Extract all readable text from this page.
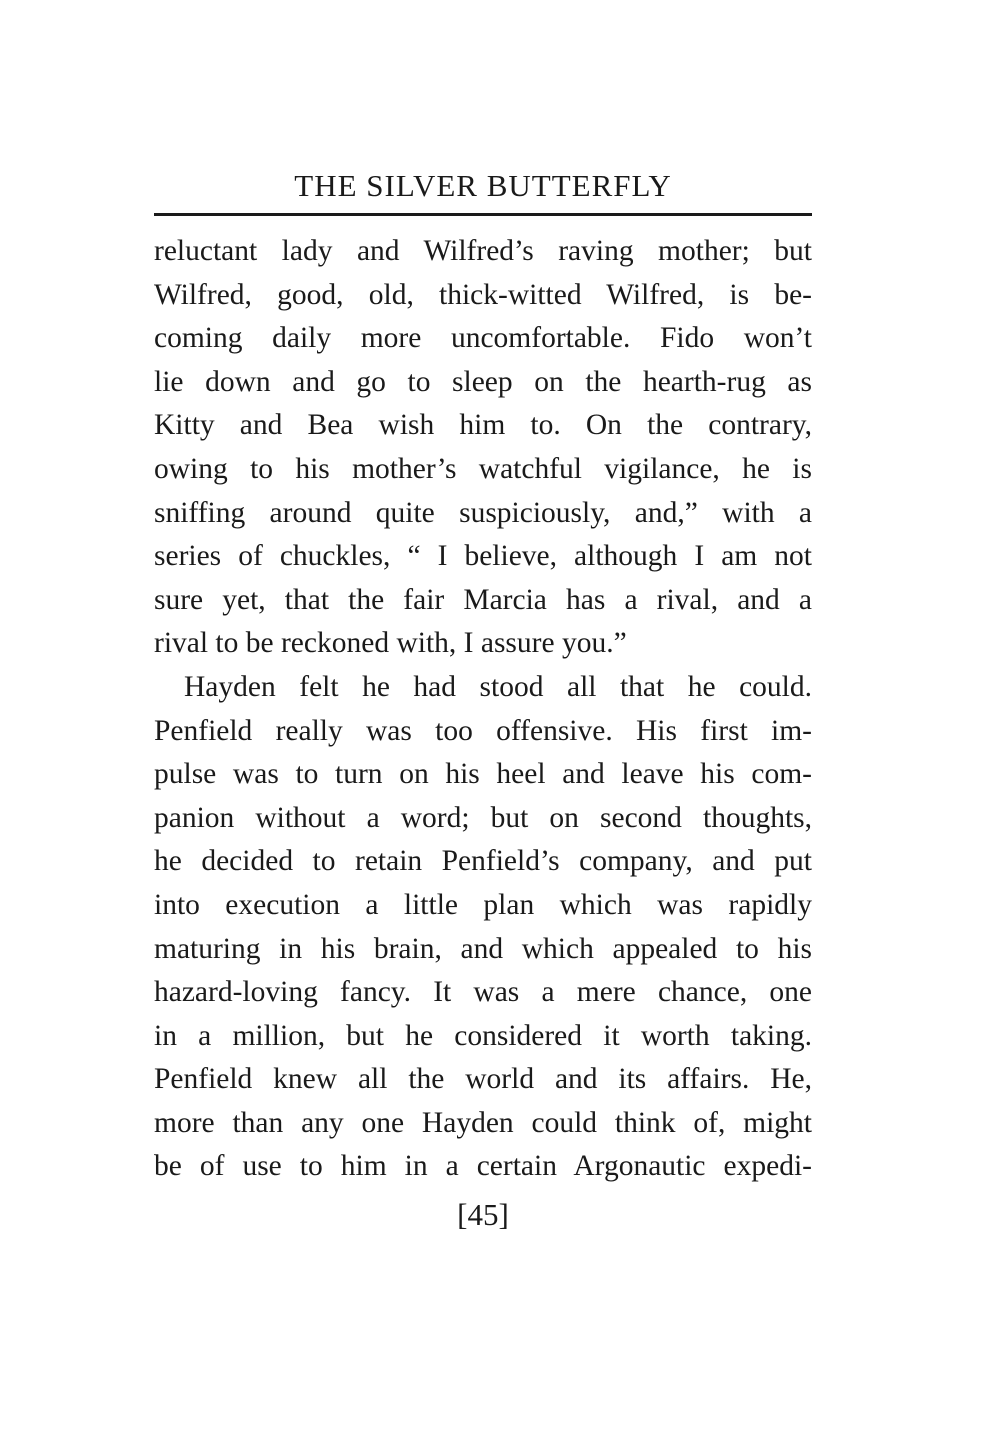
THE SILVER BUTTERFLY
reluctant lady and Wilfred’s raving mother; but
Wilfred, good, old, thick-witted Wilfred, is be-
coming daily more uncomfortable. Fido won’t
lie down and go to sleep on the hearth-rug as
Kitty and Bea wish him to. On the contrary,
owing to his mother’s watchful vigilance, he is
sniffing around quite suspiciously, and,” with a
series of chuckles, “ I believe, although I am not
sure yet, that the fair Marcia has a rival, and a
rival to be reckoned with, I assure you.”
Hayden felt he had stood all that he could.
Penfield really was too offensive. His first im-
pulse was to turn on his heel and leave his com-
panion without a word; but on second thoughts,
he decided to retain Penfield’s company, and put
into execution a little plan which was rapidly
maturing in his brain, and which appealed to his
hazard-loving fancy. It was a mere chance, one
in a million, but he considered it worth taking.
Penfield knew all the world and its affairs. He,
more than any one Hayden could think of, might
be of use to him in a certain Argonautic expedi-
[45]
